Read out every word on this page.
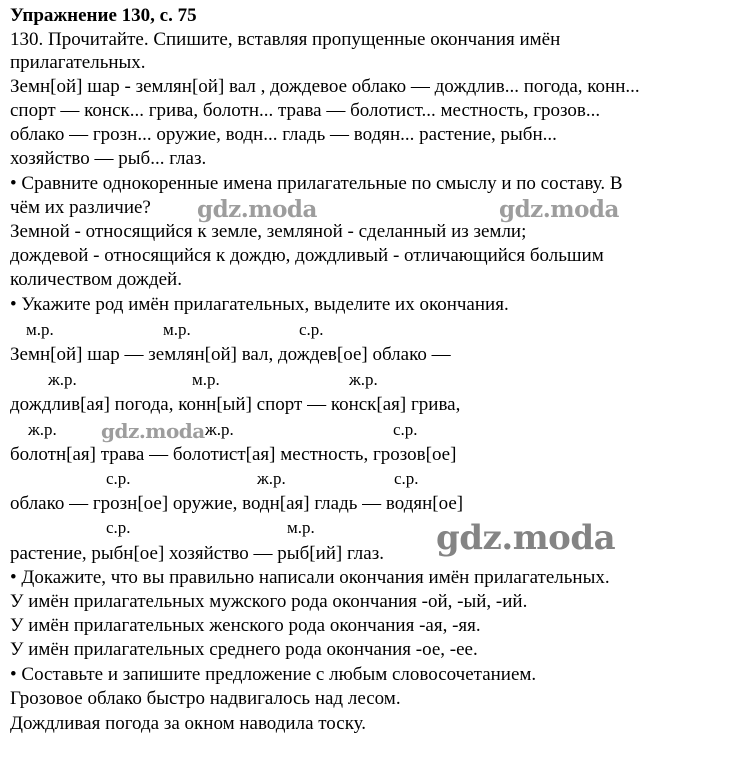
Упражнение 130, с. 75
130. Прочитайте. Спишите, вставляя пропущенные окончания имён
прилагательных.
Земн[ой] шар - землян[ой] вал , дождевое облако — дождлив... погода, конн...
спорт — конск... грива, болотн... трава — болотист... местность, грозов...
облако — грозн... оружие, водн... гладь — водян... растение, рыбн...
хозяйство — рыб... глаз.
• Сравните однокоренные имена прилагательные по смыслу и по составу. В
чём их различие?
Земной - относящийся к земле, земляной - сделанный из земли;
дождевой - относящийся к дождю, дождливый - отличающийся большим
количеством дождей.
• Укажите род имён прилагательных, выделите их окончания.
м.р.	м.р.	с.р.
Земн[ой] шар — землян[ой] вал, дождев[ое] облако —
ж.р.	м.р.	ж.р.
дождлив[ая] погода, конн[ый] спорт — конск[ая] грива,
ж.р.	ж.р.	с.р.
болотн[ая] трава — болотист[ая] местность, грозов[ое]
с.р.	ж.р.	с.р.
облако — грозн[ое] оружие, водн[ая] гладь — водян[ое]
с.р.	м.р.
растение, рыбн[ое] хозяйство — рыб[ий] глаз.
• Докажите, что вы правильно написали окончания имён прилагательных.
У имён прилагательных мужского рода окончания -ой, -ый, -ий.
У имён прилагательных женского рода окончания -ая, -яя.
У имён прилагательных среднего рода окончания -ое, -ее.
• Составьте и запишите предложение с любым словосочетанием.
Грозовое облако быстро надвигалось над лесом.
Дождливая погода за окном наводила тоску.
gdz.moda	gdz.moda
gdz.moda
gdz.moda
